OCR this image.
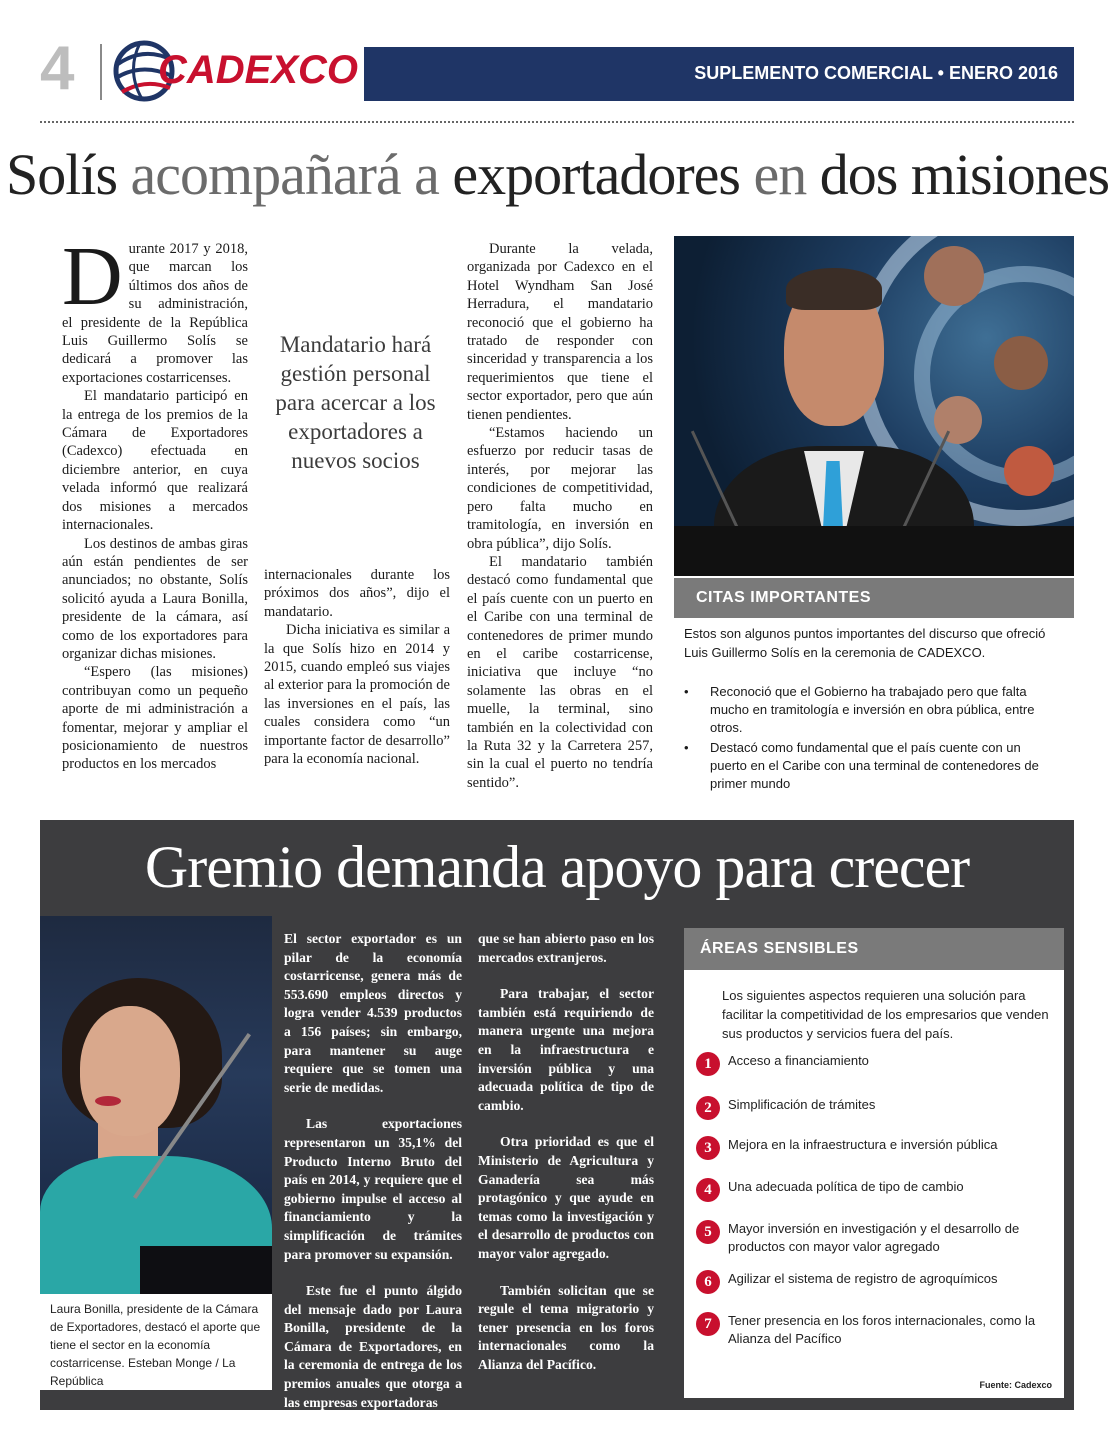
4 CADEXCO	SUPLEMENTO COMERCIAL • ENERO 2016
Solís acompañará a exportadores en dos misiones

Durante 2017 y 2018, que marcan los últimos dos años de su administración, el presidente de la República Luis Guillermo Solís se dedicará a promover las exportaciones costarricenses.

El mandatario participó en la entrega de los premios de la Cámara de Exportadores (Cadexco) efectuada en diciembre anterior, en cuya velada informó que realizará dos misiones a mercados internacionales.

Los destinos de ambas giras aún están pendientes de ser anunciados; no obstante, Solís solicitó ayuda a Laura Bonilla, presidente de la cámara, así como de los exportadores para organizar dichas misiones.

“Espero (las misiones) contribuyan como un pequeño aporte de mi administración a fomentar, mejorar y ampliar el posicionamiento de nuestros productos en los mercados

Mandatario hará gestión personal para acercar a los exportadores a nuevos socios

internacionales durante los próximos dos años”, dijo el mandatario.

Dicha iniciativa es similar a la que Solís hizo en 2014 y 2015, cuando empleó sus viajes al exterior para la promoción de las inversiones en el país, las cuales considera como “un importante factor de desarrollo” para la economía nacional.

Durante la velada, organizada por Cadexco en el Hotel Wyndham San José Herradura, el mandatario reconoció que el gobierno ha tratado de responder con sinceridad y transparencia a los requerimientos que tiene el sector exportador, pero que aún tienen pendientes.

“Estamos haciendo un esfuerzo por reducir tasas de interés, por mejorar las condiciones de competitividad, pero falta mucho en tramitología, en inversión en obra pública”, dijo Solís.

El mandatario también destacó como fundamental que el país cuente con un puerto en el Caribe con una terminal de contenedores de primer mundo en el caribe costarricense, iniciativa que incluye “no solamente las obras en el muelle, la terminal, sino también en la colectividad con la Ruta 32 y la Carretera 257, sin la cual el puerto no tendría sentido”.

CITAS IMPORTANTES
Estos son algunos puntos importantes del discurso que ofreció Luis Guillermo Solís en la ceremonia de CADEXCO.
• Reconoció que el Gobierno ha trabajado pero que falta mucho en tramitología e inversión en obra pública, entre otros.
• Destacó como fundamental que el país cuente con un puerto en el Caribe con una terminal de contenedores de primer mundo
Gremio demanda apoyo para crecer
Laura Bonilla, presidente de la Cámara de Exportadores, destacó el aporte que tiene el sector en la economía costarricense. Esteban Monge / La República

El sector exportador es un pilar de la economía costarricense, genera más de 553.690 empleos directos y logra vender 4.539 productos a 156 países; sin embargo, para mantener su auge requiere que se tomen una serie de medidas.

Las exportaciones representaron un 35,1% del Producto Interno Bruto del país en 2014, y requiere que el gobierno impulse el acceso al financiamiento y la simplificación de trámites para promover su expansión.

Este fue el punto álgido del mensaje dado por Laura Bonilla, presidente de la Cámara de Exportadores, en la ceremonia de entrega de los premios anuales que otorga a las empresas exportadoras

que se han abierto paso en los mercados extranjeros.

Para trabajar, el sector también está requiriendo de manera urgente una mejora en la infraestructura e inversión pública y una adecuada política de tipo de cambio.

Otra prioridad es que el Ministerio de Agricultura y Ganadería sea más protagónico y que ayude en temas como la investigación y el desarrollo de productos con mayor valor agregado.

También solicitan que se regule el tema migratorio y tener presencia en los foros internacionales como la Alianza del Pacífico.

ÁREAS SENSIBLES
Los siguientes aspectos requieren una solución para facilitar la competitividad de los empresarios que venden sus productos y servicios fuera del país.
1	Acceso a financiamiento
2	Simplificación de trámites
3	Mejora en la infraestructura e inversión pública
4	Una adecuada política de tipo de cambio
5	Mayor inversión en investigación y el desarrollo de productos con mayor valor agregado
6	Agilizar el sistema de registro de agroquímicos
7	Tener presencia en los foros internacionales, como la Alianza del Pacífico
Fuente: Cadexco
